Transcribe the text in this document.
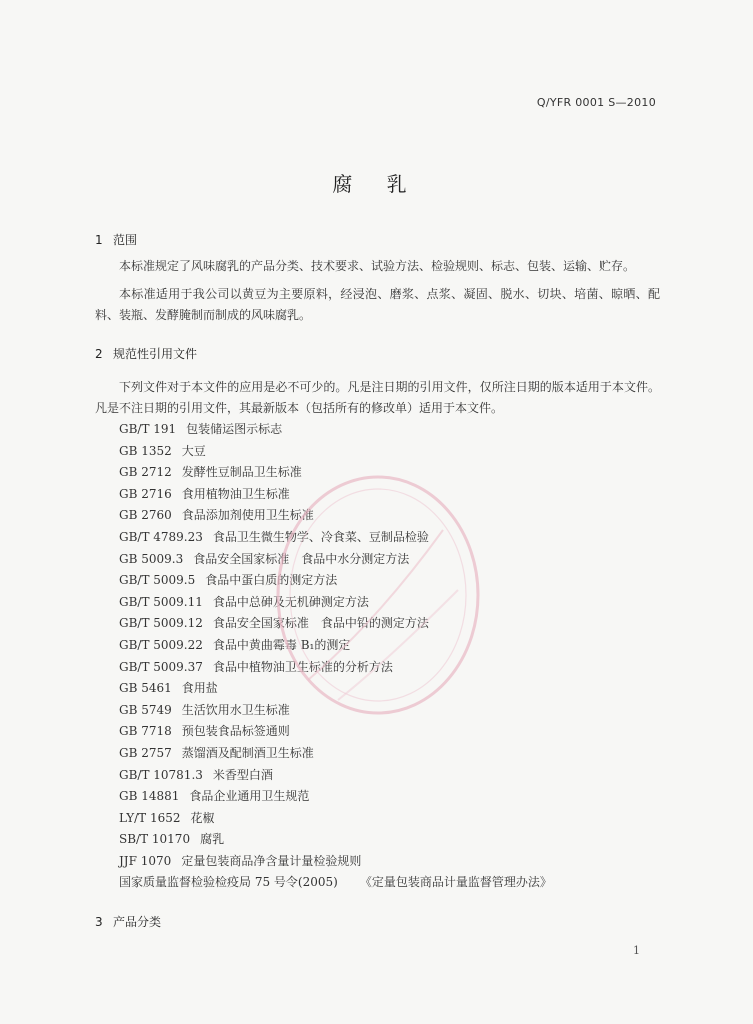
Q/YFR 0001 S—2010
腐 乳
1 范围

本标准规定了风味腐乳的产品分类、技术要求、试验方法、检验规则、标志、包装、运输、贮存。

本标准适用于我公司以黄豆为主要原料，经浸泡、磨浆、点浆、凝固、脱水、切块、培菌、晾晒、配料、装瓶、发酵腌制而制成的风味腐乳。

2 规范性引用文件

下列文件对于本文件的应用是必不可少的。凡是注日期的引用文件，仅所注日期的版本适用于本文件。凡是不注日期的引用文件，其最新版本（包括所有的修改单）适用于本文件。

GB/T 191 包装储运图示标志
GB 1352 大豆
GB 2712 发酵性豆制品卫生标准
GB 2716 食用植物油卫生标准
GB 2760 食品添加剂使用卫生标准
GB/T 4789.23 食品卫生微生物学、冷食菜、豆制品检验
GB 5009.3 食品安全国家标准　食品中水分测定方法
GB/T 5009.5 食品中蛋白质的测定方法
GB/T 5009.11 食品中总砷及无机砷测定方法
GB/T 5009.12 食品安全国家标准　食品中铅的测定方法
GB/T 5009.22 食品中黄曲霉毒 B₁的测定
GB/T 5009.37 食品中植物油卫生标准的分析方法
GB 5461 食用盐
GB 5749 生活饮用水卫生标准
GB 7718 预包装食品标签通则
GB 2757 蒸馏酒及配制酒卫生标准
GB/T 10781.3 米香型白酒
GB 14881 食品企业通用卫生规范
LY/T 1652 花椒
SB/T 10170 腐乳
JJF 1070 定量包装商品净含量计量检验规则
国家质量监督检验检疫局 75 号令(2005) 《定量包装商品计量监督管理办法》
3 产品分类
1
